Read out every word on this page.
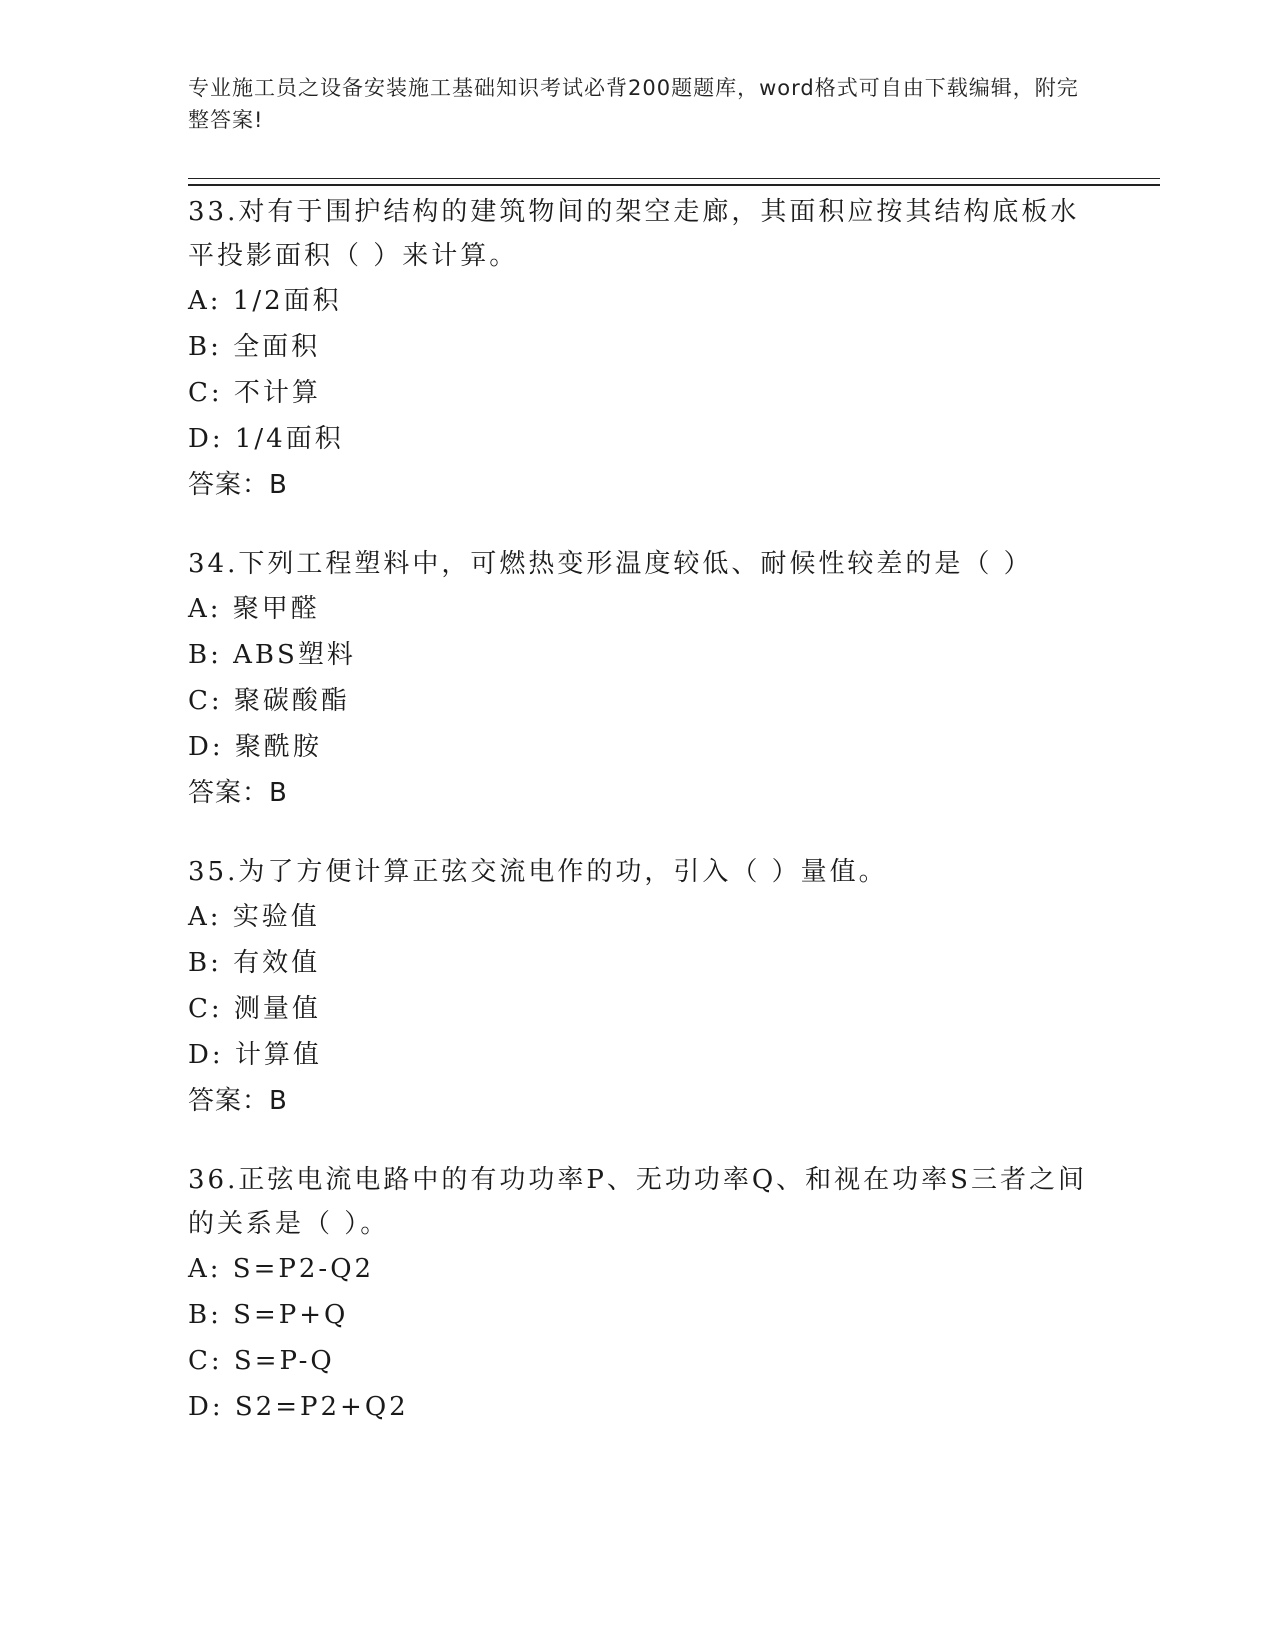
专业施工员之设备安装施工基础知识考试必背200题题库，word格式可自由下载编辑，附完整答案!

33.对有于围护结构的建筑物间的架空走廊，其面积应按其结构底板水平投影面积（ ）来计算。

A: 1/2面积

B: 全面积

C: 不计算

D: 1/4面积

答案：B

34.下列工程塑料中，可燃热变形温度较低、耐候性较差的是（ ）

A: 聚甲醛

B: ABS塑料

C: 聚碳酸酯

D: 聚酰胺

答案：B

35.为了方便计算正弦交流电作的功，引入（ ）量值。

A: 实验值

B: 有效值

C: 测量值

D: 计算值

答案：B

36.正弦电流电路中的有功功率P、无功功率Q、和视在功率S三者之间的关系是（ ）。

A: S=P2-Q2

B: S=P+Q

C: S=P-Q

D: S2=P2+Q2
